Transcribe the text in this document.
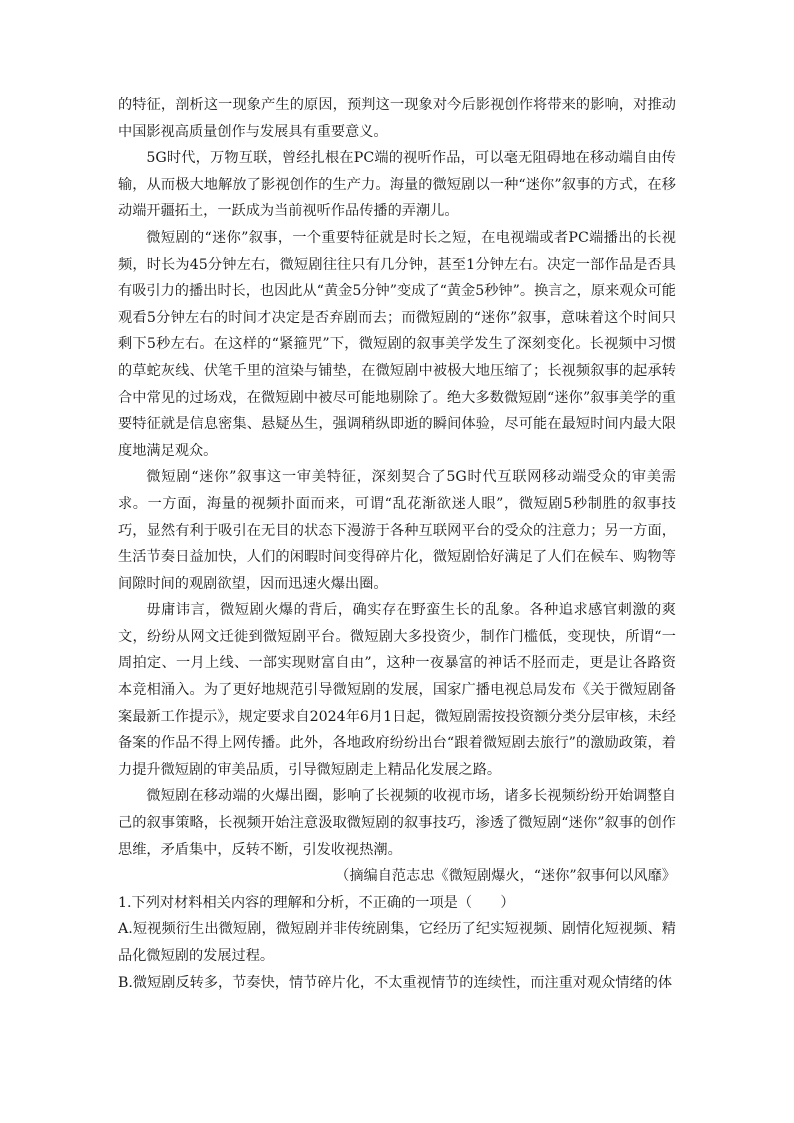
的特征，剖析这一现象产生的原因，预判这一现象对今后影视创作将带来的影响，对推动中国影视高质量创作与发展具有重要意义。

5G时代，万物互联，曾经扎根在PC端的视听作品，可以毫无阻碍地在移动端自由传输，从而极大地解放了影视创作的生产力。海量的微短剧以一种“迷你”叙事的方式，在移动端开疆拓土，一跃成为当前视听作品传播的弄潮儿。

微短剧的“迷你”叙事，一个重要特征就是时长之短，在电视端或者PC端播出的长视频，时长为45分钟左右，微短剧往往只有几分钟，甚至1分钟左右。决定一部作品是否具有吸引力的播出时长，也因此从“黄金5分钟”变成了“黄金5秒钟”。换言之，原来观众可能观看5分钟左右的时间才决定是否弃剧而去；而微短剧的“迷你”叙事，意味着这个时间只剩下5秒左右。在这样的“紧箍咒”下，微短剧的叙事美学发生了深刻变化。长视频中习惯的草蛇灰线、伏笔千里的渲染与铺垫，在微短剧中被极大地压缩了；长视频叙事的起承转合中常见的过场戏，在微短剧中被尽可能地剔除了。绝大多数微短剧“迷你”叙事美学的重要特征就是信息密集、悬疑丛生，强调稍纵即逝的瞬间体验，尽可能在最短时间内最大限度地满足观众。

微短剧“迷你”叙事这一审美特征，深刻契合了5G时代互联网移动端受众的审美需求。一方面，海量的视频扑面而来，可谓“乱花渐欲迷人眼”，微短剧5秒制胜的叙事技巧，显然有利于吸引在无目的状态下漫游于各种互联网平台的受众的注意力；另一方面，生活节奏日益加快，人们的闲暇时间变得碎片化，微短剧恰好满足了人们在候车、购物等间隙时间的观剧欲望，因而迅速火爆出圈。

毋庸讳言，微短剧火爆的背后，确实存在野蛮生长的乱象。各种追求感官刺激的爽文，纷纷从网文迁徙到微短剧平台。微短剧大多投资少，制作门槛低，变现快，所谓“一周拍定、一月上线、一部实现财富自由”，这种一夜暴富的神话不胫而走，更是让各路资本竞相涌入。为了更好地规范引导微短剧的发展，国家广播电视总局发布《关于微短剧备案最新工作提示》，规定要求自2024年6月1日起，微短剧需按投资额分类分层审核，未经备案的作品不得上网传播。此外，各地政府纷纷出台“跟着微短剧去旅行”的激励政策，着力提升微短剧的审美品质，引导微短剧走上精品化发展之路。

微短剧在移动端的火爆出圈，影响了长视频的收视市场，诸多长视频纷纷开始调整自己的叙事策略，长视频开始注意汲取微短剧的叙事技巧，渗透了微短剧“迷你”叙事的创作思维，矛盾集中，反转不断，引发收视热潮。

（摘编自范志忠《微短剧爆火，“迷你”叙事何以风靡》

1.下列对材料相关内容的理解和分析，不正确的一项是（　　）

A.短视频衍生出微短剧，微短剧并非传统剧集，它经历了纪实短视频、剧情化短视频、精品化微短剧的发展过程。

B.微短剧反转多，节奏快，情节碎片化，不太重视情节的连续性，而注重对观众情绪的体
